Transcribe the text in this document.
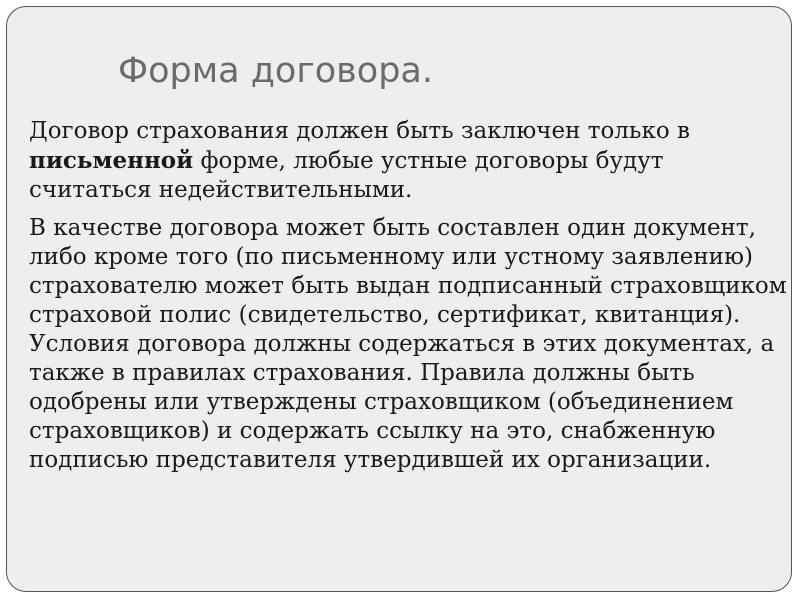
Форма договора.

Договор страхования должен быть заключен только в письменной форме, любые устные договоры будут считаться недействительными.

В качестве договора может быть составлен один документ, либо кроме того (по письменному или устному заявлению) страхователю может быть выдан подписанный страховщиком страховой полис (свидетельство, сертификат, квитанция). Условия договора должны содержаться в этих документах, а также в правилах страхования. Правила должны быть одобрены или утверждены страховщиком (объединением страховщиков) и содержать ссылку на это, снабженную подписью представителя утвердившей их организации.
